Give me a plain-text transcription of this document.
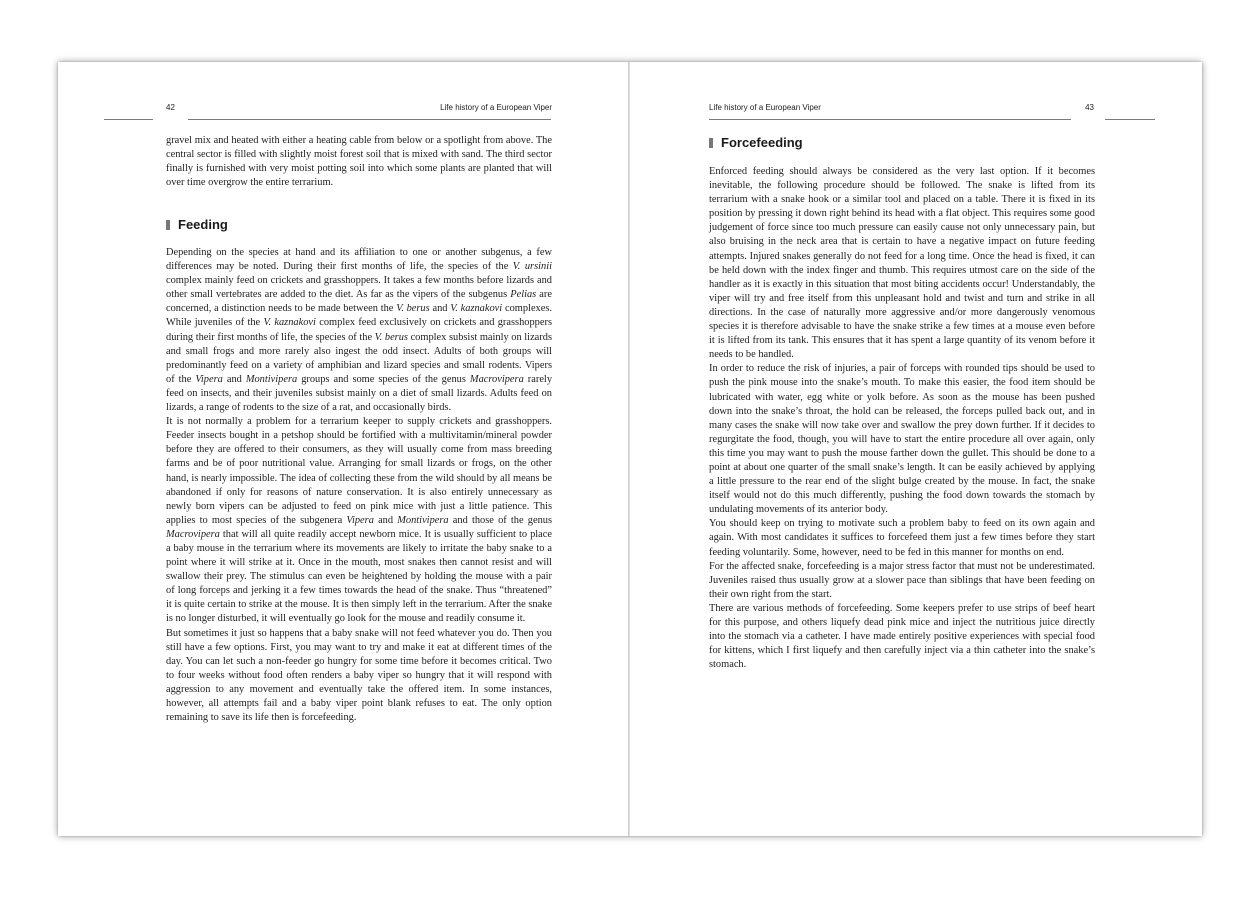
42	Life history of a European Viper

gravel mix and heated with either a heating cable from below or a spotlight from above. The central sector is filled with slightly moist forest soil that is mixed with sand. The third sector finally is furnished with very moist potting soil into which some plants are planted that will over time overgrow the entire terrarium.

Feeding

Depending on the species at hand and its affiliation to one or another subgenus, a few differences may be noted. During their first months of life, the species of the V. ursinii complex mainly feed on crickets and grasshoppers. It takes a few months before lizards and other small vertebrates are added to the diet. As far as the vipers of the subgenus Pelias are concerned, a distinction needs to be made between the V. berus and V. kaznakovi complexes. While juveniles of the V. kaznakovi complex feed exclusively on crickets and grasshoppers during their first months of life, the species of the V. berus complex subsist mainly on lizards and small frogs and more rarely also ingest the odd insect. Adults of both groups will predominantly feed on a variety of amphibian and lizard species and small rodents. Vipers of the Vipera and Montivipera groups and some species of the genus Macrovipera rarely feed on insects, and their juveniles subsist mainly on a diet of small lizards. Adults feed on lizards, a range of rodents to the size of a rat, and occasionally birds.

It is not normally a problem for a terrarium keeper to supply crickets and grasshoppers. Feeder insects bought in a petshop should be fortified with a multivitamin/mineral powder before they are offered to their consumers, as they will usually come from mass breeding farms and be of poor nutritional value. Arranging for small lizards or frogs, on the other hand, is nearly impossible. The idea of collecting these from the wild should by all means be abandoned if only for reasons of nature conservation. It is also entirely unnecessary as newly born vipers can be adjusted to feed on pink mice with just a little patience. This applies to most species of the subgenera Vipera and Montivipera and those of the genus Macrovipera that will all quite readily accept newborn mice. It is usually sufficient to place a baby mouse in the terrarium where its movements are likely to irritate the baby snake to a point where it will strike at it. Once in the mouth, most snakes then cannot resist and will swallow their prey. The stimulus can even be heightened by holding the mouse with a pair of long forceps and jerking it a few times towards the head of the snake. Thus “threatened” it is quite certain to strike at the mouse. It is then simply left in the terrarium. After the snake is no longer disturbed, it will eventually go look for the mouse and readily consume it.

But sometimes it just so happens that a baby snake will not feed whatever you do. Then you still have a few options. First, you may want to try and make it eat at different times of the day. You can let such a non-feeder go hungry for some time before it becomes critical. Two to four weeks without food often renders a baby viper so hungry that it will respond with aggression to any movement and eventually take the offered item. In some instances, however, all attempts fail and a baby viper point blank refuses to eat. The only option remaining to save its life then is forcefeeding.

Life history of a European Viper	43
Forcefeeding

Enforced feeding should always be considered as the very last option. If it becomes inevitable, the following procedure should be followed. The snake is lifted from its terrarium with a snake hook or a similar tool and placed on a table. There it is fixed in its position by pressing it down right behind its head with a flat object. This requires some good judgement of force since too much pressure can easily cause not only unnecessary pain, but also bruising in the neck area that is certain to have a negative impact on future feeding attempts. Injured snakes generally do not feed for a long time. Once the head is fixed, it can be held down with the index finger and thumb. This requires utmost care on the side of the handler as it is exactly in this situation that most biting accidents occur! Understandably, the viper will try and free itself from this unpleasant hold and twist and turn and strike in all directions. In the case of naturally more aggressive and/or more dangerously venomous species it is therefore advisable to have the snake strike a few times at a mouse even before it is lifted from its tank. This ensures that it has spent a large quantity of its venom before it needs to be handled.

In order to reduce the risk of injuries, a pair of forceps with rounded tips should be used to push the pink mouse into the snake’s mouth. To make this easier, the food item should be lubricated with water, egg white or yolk before. As soon as the mouse has been pushed down into the snake’s throat, the hold can be released, the forceps pulled back out, and in many cases the snake will now take over and swallow the prey down further. If it decides to regurgitate the food, though, you will have to start the entire procedure all over again, only this time you may want to push the mouse farther down the gullet. This should be done to a point at about one quarter of the small snake’s length. It can be easily achieved by applying a little pressure to the rear end of the slight bulge created by the mouse. In fact, the snake itself would not do this much differently, pushing the food down towards the stomach by undulating movements of its anterior body.

You should keep on trying to motivate such a problem baby to feed on its own again and again. With most candidates it suffices to forcefeed them just a few times before they start feeding voluntarily. Some, however, need to be fed in this manner for months on end.

For the affected snake, forcefeeding is a major stress factor that must not be underestimated. Juveniles raised thus usually grow at a slower pace than siblings that have been feeding on their own right from the start.

There are various methods of forcefeeding. Some keepers prefer to use strips of beef heart for this purpose, and others liquefy dead pink mice and inject the nutritious juice directly into the stomach via a catheter. I have made entirely positive experiences with special food for kittens, which I first liquefy and then carefully inject via a thin catheter into the snake’s stomach.
